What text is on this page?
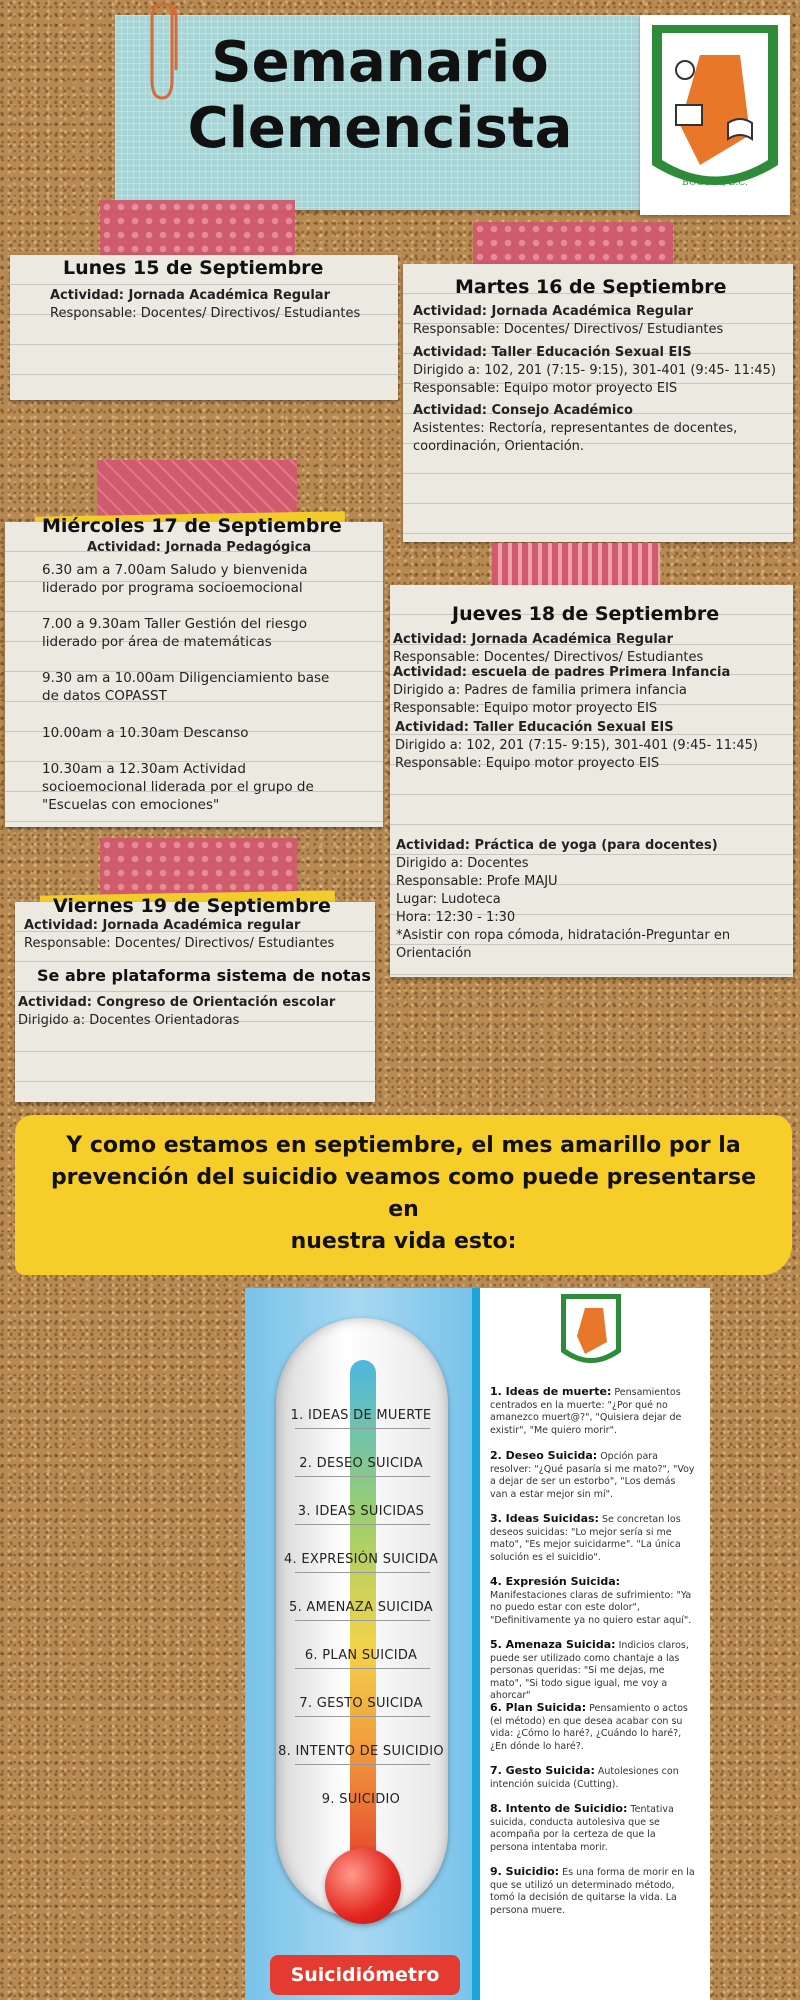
Semanario
Clemencista
BOGOTÁ, D.C.
Lunes 15 de Septiembre
Actividad: Jornada Académica Regular
Responsable: Docentes/ Directivos/ Estudiantes
Martes 16 de Septiembre
Actividad: Jornada Académica Regular
Responsable: Docentes/ Directivos/ Estudiantes
Actividad: Taller Educación Sexual EIS
Dirigido a: 102, 201 (7:15- 9:15), 301-401 (9:45- 11:45)
Responsable: Equipo motor proyecto EIS
Actividad: Consejo Académico
Asistentes: Rectoría, representantes de docentes,
coordinación, Orientación.
Miércoles 17 de Septiembre
Actividad: Jornada Pedagógica
6.30 am a 7.00am Saludo y bienvenida
liderado por programa socioemocional
7.00 a 9.30am Taller Gestión del riesgo
liderado por área de matemáticas
9.30 am a 10.00am Diligenciamiento base
de datos COPASST
10.00am a 10.30am Descanso
10.30am a 12.30am Actividad
socioemocional liderada por el grupo de
"Escuelas con emociones"
Jueves 18 de Septiembre
Actividad: Jornada Académica Regular
Responsable: Docentes/ Directivos/ Estudiantes
Actividad: escuela de padres Primera Infancia
Dirigido a: Padres de familia primera infancia
Responsable: Equipo motor proyecto EIS
Actividad: Taller Educación Sexual EIS
Dirigido a: 102, 201 (7:15- 9:15), 301-401 (9:45- 11:45)
Responsable: Equipo motor proyecto EIS
Actividad: Práctica de yoga (para docentes)
Dirigido a: Docentes
Responsable: Profe MAJU
Lugar: Ludoteca
Hora: 12:30 - 1:30
*Asistir con ropa cómoda, hidratación-Preguntar en
Orientación
Viernes 19 de Septiembre
Actividad: Jornada Académica regular
Responsable: Docentes/ Directivos/ Estudiantes
Se abre plataforma sistema de notas
Actividad: Congreso de Orientación escolar
Dirigido a: Docentes Orientadoras
Y como estamos en septiembre, el mes amarillo por la
prevención del suicidio veamos como puede presentarse en
nuestra vida esto:
1. IDEAS DE MUERTE
2. DESEO SUICIDA
3. IDEAS SUICIDAS
4. EXPRESIÓN SUICIDA
5. AMENAZA SUICIDA
6. PLAN SUICIDA
7. GESTO SUICIDA
8. INTENTO DE SUICIDIO
9. SUICIDIO
Suicidiómetro
1. Ideas de muerte: Pensamientos centrados en la muerte: "¿Por qué no amanezco muert@?", "Quisiera dejar de existir", "Me quiero morir".
2. Deseo Suicida: Opción para resolver: "¿Qué pasaría si me mato?", "Voy a dejar de ser un estorbo", "Los demás van a estar mejor sin mí".
3. Ideas Suicidas: Se concretan los deseos suicidas: "Lo mejor sería si me mato", "Es mejor suicidarme". "La única solución es el suicidio".
4. Expresión Suicida: Manifestaciones claras de sufrimiento: "Ya no puedo estar con este dolor", "Definitivamente ya no quiero estar aquí".
5. Amenaza Suicida: Indicios claros, puede ser utilizado como chantaje a las personas queridas: "Si me dejas, me mato", "Si todo sigue igual, me voy a ahorcar"
6. Plan Suicida: Pensamiento o actos (el método) en que desea acabar con su vida: ¿Cómo lo haré?, ¿Cuándo lo haré?, ¿En dónde lo haré?.
7. Gesto Suicida: Autolesiones con intención suicida (Cutting).
8. Intento de Suicidio: Tentativa suicida, conducta autolesiva que se acompaña por la certeza de que la persona intentaba morir.
9. Suicidio: Es una forma de morir en la que se utilizó un determinado método, tomó la decisión de quitarse la vida. La persona muere.
